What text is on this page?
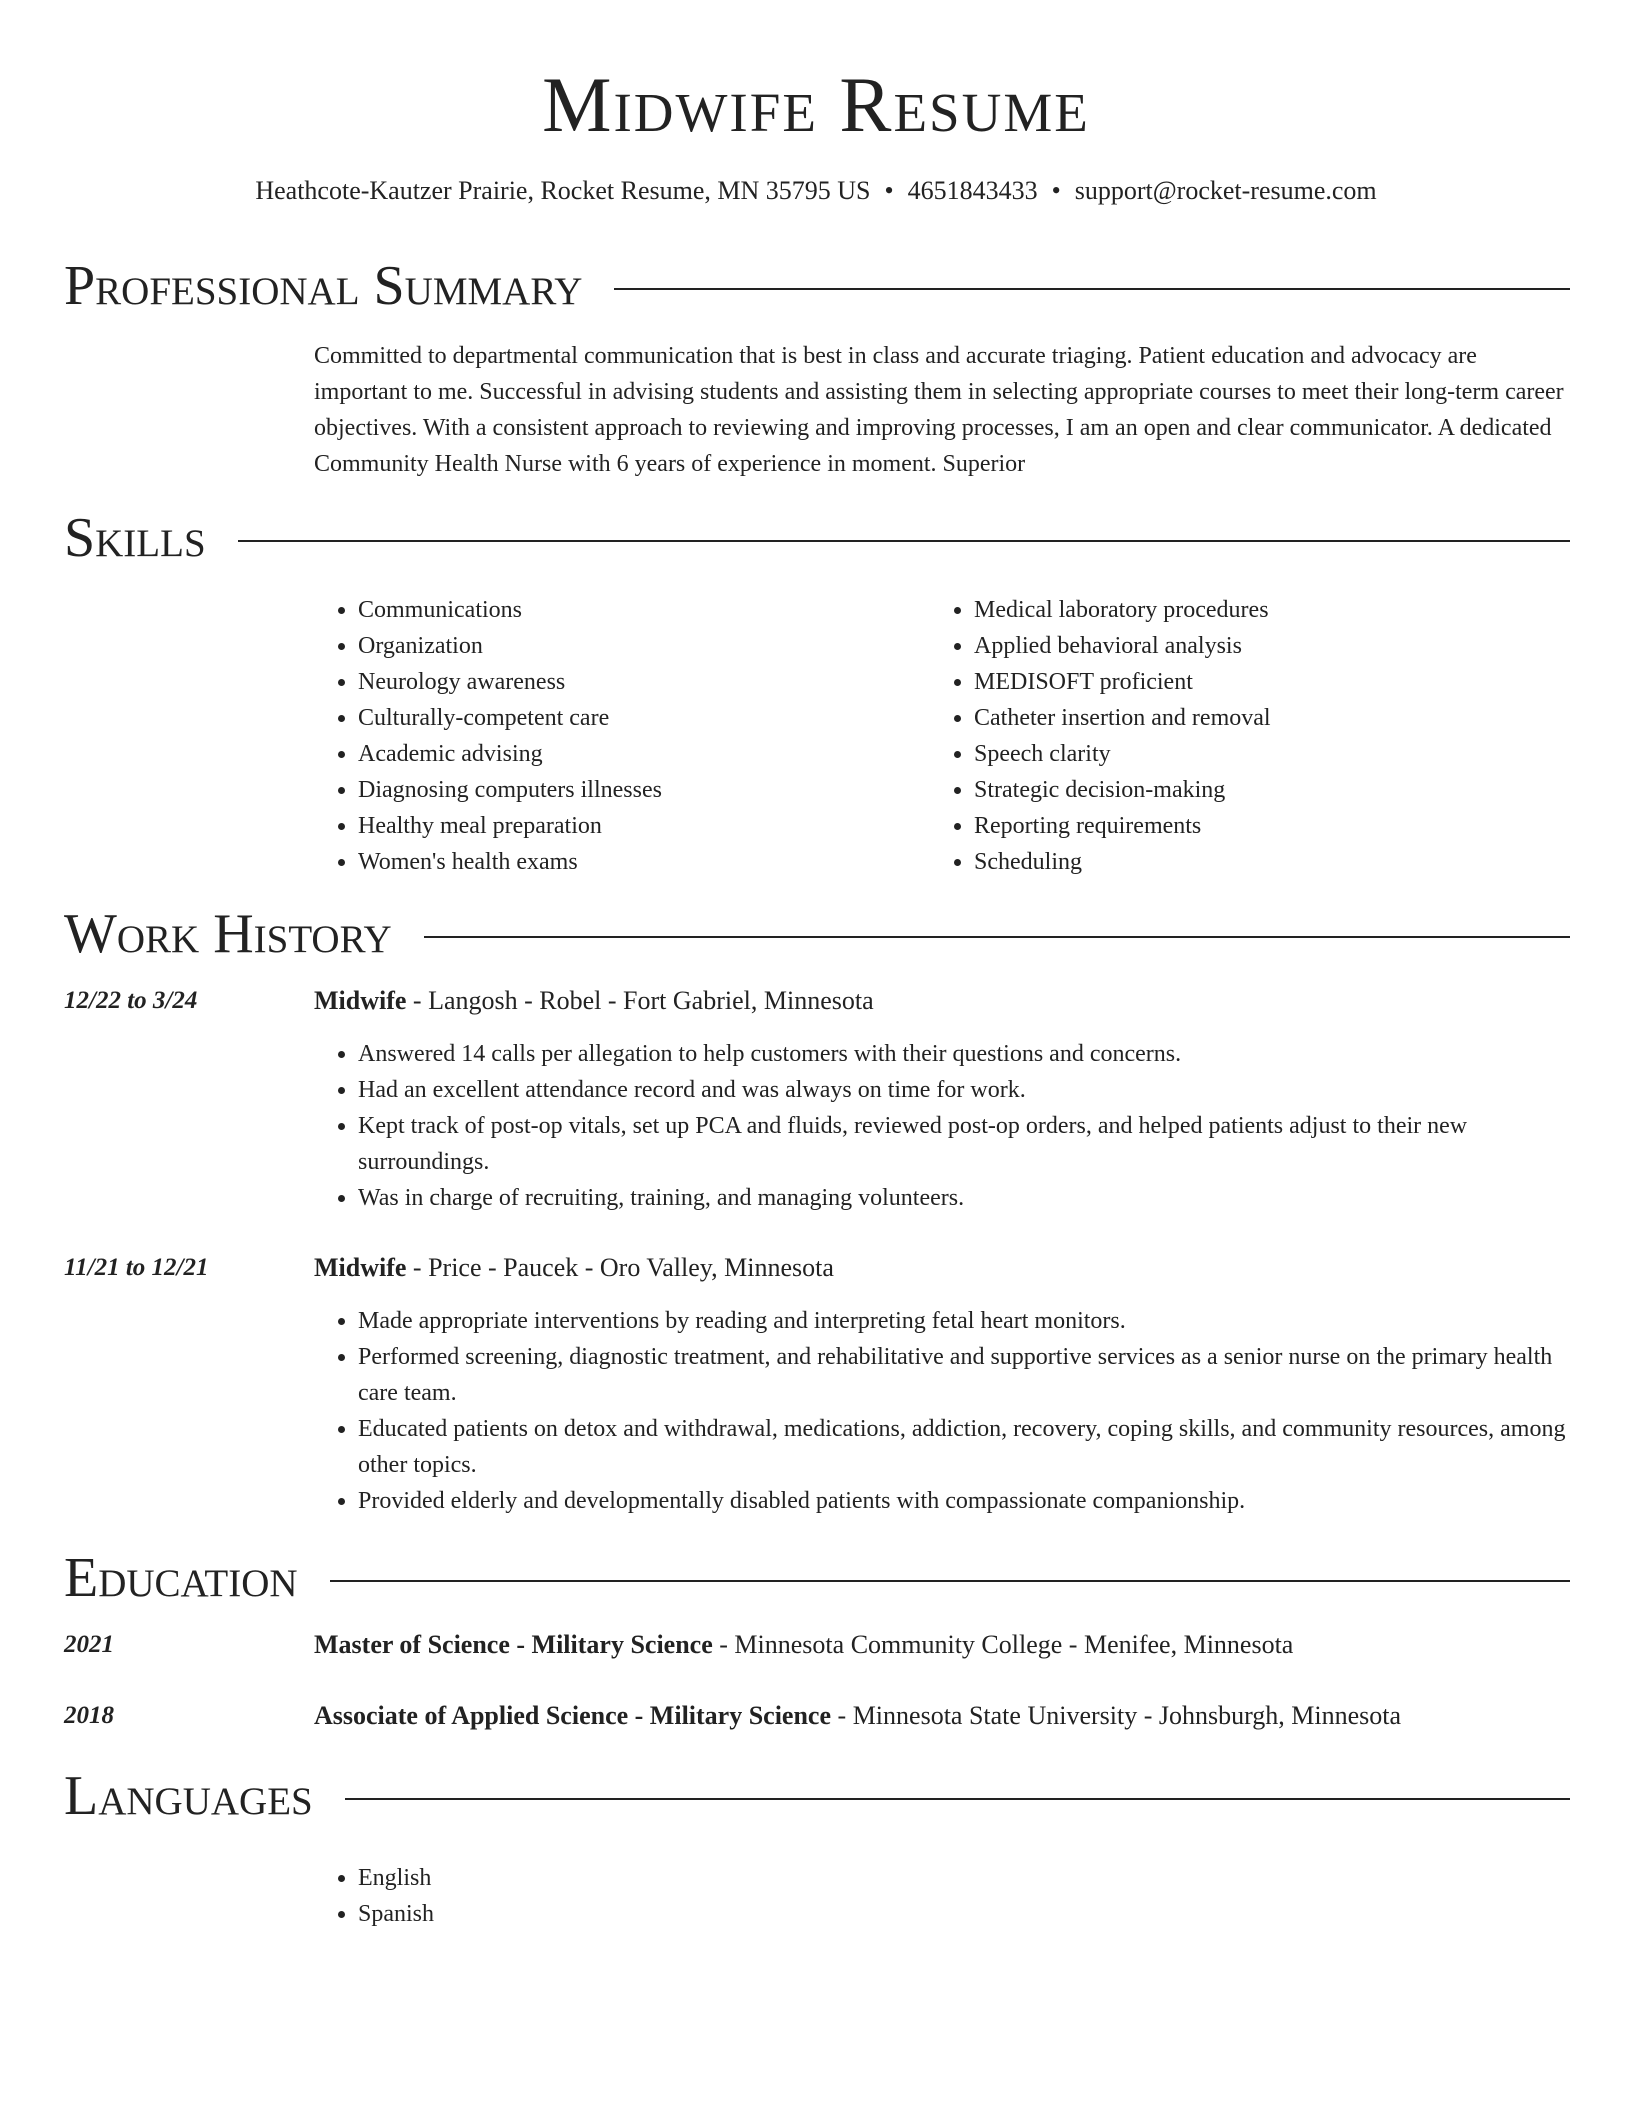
Midwife Resume
Heathcote-Kautzer Prairie, Rocket Resume, MN 35795 US • 4651843433 • support@rocket-resume.com
Professional Summary

Committed to departmental communication that is best in class and accurate triaging. Patient education and advocacy are important to me. Successful in advising students and assisting them in selecting appropriate courses to meet their long-term career objectives. With a consistent approach to reviewing and improving processes, I am an open and clear communicator. A dedicated Community Health Nurse with 6 years of experience in moment. Superior

Skills
• Communications
• Organization
• Neurology awareness
• Culturally-competent care
• Academic advising
• Diagnosing computers illnesses
• Healthy meal preparation
• Women's health exams
• Medical laboratory procedures
• Applied behavioral analysis
• MEDISOFT proficient
• Catheter insertion and removal
• Speech clarity
• Strategic decision-making
• Reporting requirements
• Scheduling
Work History
12/22 to 3/24	Midwife - Langosh - Robel - Fort Gabriel, Minnesota
• Answered 14 calls per allegation to help customers with their questions and concerns.
• Had an excellent attendance record and was always on time for work.
• Kept track of post-op vitals, set up PCA and fluids, reviewed post-op orders, and helped patients adjust to their new surroundings.
• Was in charge of recruiting, training, and managing volunteers.
11/21 to 12/21	Midwife - Price - Paucek - Oro Valley, Minnesota
• Made appropriate interventions by reading and interpreting fetal heart monitors.
• Performed screening, diagnostic treatment, and rehabilitative and supportive services as a senior nurse on the primary health care team.
• Educated patients on detox and withdrawal, medications, addiction, recovery, coping skills, and community resources, among other topics.
• Provided elderly and developmentally disabled patients with compassionate companionship.
Education
2021	Master of Science - Military Science - Minnesota Community College - Menifee, Minnesota
2018	Associate of Applied Science - Military Science - Minnesota State University - Johnsburgh, Minnesota
Languages
• English
• Spanish
